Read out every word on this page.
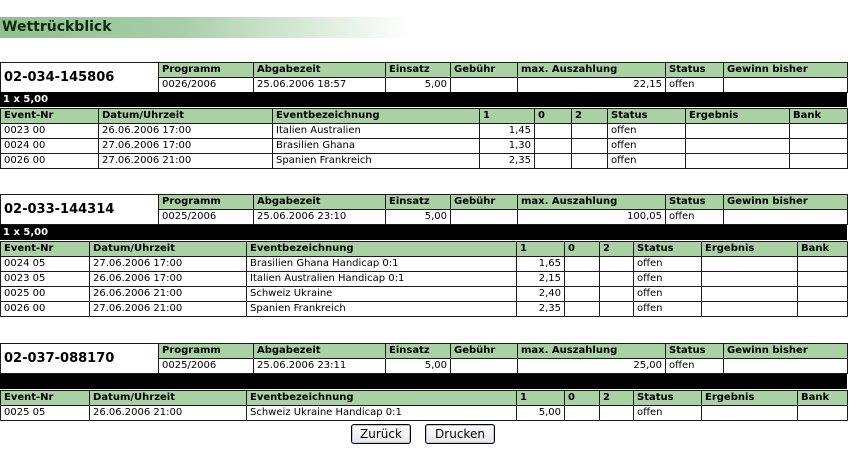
Wettrückblick
02-034-145806	Programm	Abgabezeit	Einsatz	Gebühr	max. Auszahlung	Status	Gewinn bisher
	0026/2006	25.06.2006 18:57	5,00		22,15	offen	
1 x 5,00
Event-Nr	Datum/Uhrzeit	Eventbezeichnung	1	0	2	Status	Ergebnis	Bank
0023 00	26.06.2006 17:00	Italien Australien	1,45			offen		
0024 00	27.06.2006 17:00	Brasilien Ghana	1,30			offen		
0026 00	27.06.2006 21:00	Spanien Frankreich	2,35			offen		
02-033-144314	Programm	Abgabezeit	Einsatz	Gebühr	max. Auszahlung	Status	Gewinn bisher
	0025/2006	25.06.2006 23:10	5,00		100,05	offen	
1 x 5,00
Event-Nr	Datum/Uhrzeit	Eventbezeichnung	1	0	2	Status	Ergebnis	Bank
0024 05	27.06.2006 17:00	Brasilien Ghana Handicap 0:1	1,65			offen		
0023 05	26.06.2006 17:00	Italien Australien Handicap 0:1	2,15			offen		
0025 00	26.06.2006 21:00	Schweiz Ukraine	2,40			offen		
0026 00	27.06.2006 21:00	Spanien Frankreich	2,35			offen		
02-037-088170	Programm	Abgabezeit	Einsatz	Gebühr	max. Auszahlung	Status	Gewinn bisher
	0025/2006	25.06.2006 23:11	5,00		25,00	offen	
Event-Nr	Datum/Uhrzeit	Eventbezeichnung	1	0	2	Status	Ergebnis	Bank
0025 05	26.06.2006 21:00	Schweiz Ukraine Handicap 0:1	5,00			offen		
Zurück	Drucken
